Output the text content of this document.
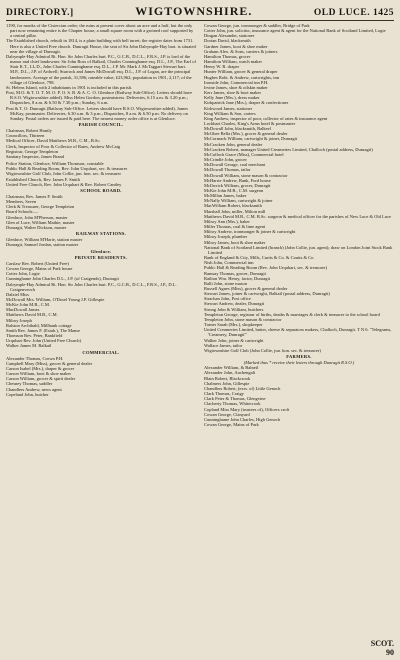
DIRECTORY.]	WIGTOWNSHIRE.	OLD LUCE. 1425

1190, for monks of the Cistercian order; the ruins at present cover about an acre and a half, but the only part now remaining entire is the Chapter house, a small square room with a groined roof supported by a central pillar.

The Established church, rebuilt in 1814, is a plain building with bell turret; the register dates from 1731. Here is also a United Free church. Dunragit House, the seat of Sir John Dalrymple-Hay bart. is situated near the village of Dunragit.

Dalrymple-Hay Admiral Rt. Hon. Sir John Charles bart. P.C., G.C.B., D.C.L., F.R.S., J.P. is lord of the manor and chief landowner. Sir John Ross of Balkail, Charles Cunninghame esq. D.L., J.P., The Earl of Stair K.T., LL.D., John Charles Cunninghame esq. D.L., J.P. Mr. Mark J. McTaggart Stewart bart. M.P., D.L., J.P. of Ardwell; Sturrock and James McDowall esq. D.L., J.P. of Logan, are the principal landowners. Acreage of the parish, 31,586; rateable value, £23,962; population in 1901, 2,117; of the village of Glenluce, 798.

St. Helens Island, with 2 inhabitants in 1901 is included in this parish.

Post, M.O. & T. O. T. M. O. P. O. S. B. & A. C. O. Glenluce (Railway Sub-Office). Letters should have R.S.O. Wigtownshire added). Miss Helen Gordon, postmistress. Deliveries, 6.15 a.m. & 3.20 p.m.; Dispatches, 8 a.m. & 6.50 & 7.30 p.m.; Sunday, 6 a.m.

Post & T. O. Dunragit (Railway Sub-Office. Letters should have R.S.O. Wigtownshire added). James McKay, postmaster. Deliveries, 6.30 a.m. & 3 p.m.; Dispatches, 8 a.m. & 6.50 p.m. No delivery on Sunday. Postal orders are issued & paid here. The nearest money order office is at Glenluce.

PARISH COUNCIL.

Chairman, Robert Huntly

Councillors, Thirteen

Medical Officer, David Matthews M.B., C.M., B.Sc.

Clerk, Inspector of Poor & Collector of Rates, Andrew McCaig

Registrar, George Templeton

Sanitary Inspector, James Brand

Police Station, Glenluce, William Thomson, constable

Public Hall & Reading Room, Rev. John Urquhart, sec. & treasurer

Wigtownshire Golf Club, John Collie, jun. hon. sec. & treasurer

Established Church, Rev. James F. Smith

United Free Church, Rev. John Urquhart & Rev. Robert Cantley

SCHOOL BOARD.

Chairman, Rev. James F. Smith

Members, Seven

Clerk & Treasurer, George Templeton

Board Schools:—

Glenluce, John M'Pherson, master

Glen of Luce, William Mathie, master

Dunragit, Walter Dickson, master

RAILWAY STATIONS.

Glenluce, William M'Harie, station master

Dunragit, Samuel Jordan, station master

Glenluce.

PRIVATE RESIDENTS.

Carslaw Rev. Robert (United Free)

Cowan George, Mains of Park house

Cotter John, Logie

Cunninghame John Charles D.L., J.P. (of Craigends), Dunragit

Dalrymple-Hay Admiral Rt. Hon. Sir John Charles bart. P.C., G.C.B., D.C.L., F.R.S., J.P., D.L. Craigenveoch

Dalziel Miss

McDowall Mrs. William, O'Dosel Young J.P. Gillespie

McKie John M.B., C.M.

MacDowall James

Matthews David M.B., C.M.

Milroy Joseph

Ralston Archibald, Millbank cottage

Smith Rev. James F. (Estab.), The Manse

Thomson Rev. Peter, Bankfield

Urquhart Rev. John (United Free Church)

Walker James M. Balkail

COMMERCIAL.

Alexander Thomas, Crown P.H.

Campbell Mary (Miss), grocer & general dealer

Carson Isabel (Mrs.), draper & grocer

Carson William, boot & shoe maker

Carson William, grocer & spirit dealer

Chesney Thomas, saddler

Chandlers Andrew, news agent

Copeland John, butcher

Cowan George, jun. ironmonger & saddler, Bridge of Park

Cotter John, jun. solicitor, insurance agent & agent for the National Bank of Scotland Limited, Logie

Dingan Alexander, stationer

Dorian David, blacksmith

Gardner James, boot & shoe maker

Graham Alex. & Sons, carriers & joiners

Hamilton Thomas, grocer

Hamilton William, watch maker

Henry W. R. draper

Hunter William, grocer & general draper

Hughes Robt. & Andrew, cartwrights, inn

Ironside John, Commercial inn P.H.

Irvine James, shoe & oilskin maker

Kerr James, shoe & boot maker

Kelly Jane (Mrs.), dress maker

Kirkpatrick Jane (Mrs.), draper & confectioner

Kirkwood James, stationer

King William & Son, carters

King Andrew, inspector of poor, collector of rates & insurance agent

Lockhart Charles, King's Arms hotel & postmaster

McDowall John, blacksmith, Balkeel

McGhee Bella (Mrs.), grocer & general dealer

McCormack William, cartwright & joiner, Dunragit

McCracken John, general dealer

McCracken Robert, manager United Creameries Limited, Challoch (postal address, Dunragit)

McCulloch Grace (Miss), Commercial hotel

McCrindle John, grocer

McDowall George, coal merchant

McDowall Thomas, tailor

McDowall William, stone mason & contractor

McHarrie Andrew, Bank, Ford house

McIlwrick William, grocer, Dunragit

McKie John M.B., C.M. surgeon

McMillan James, baker

McNally William, cartwright & joiner

MacWilliam Robert, blacksmith

Marshall John, miller, Milton mill

Matthews David M.B., C.M. B.Sc. surgeon & medical officer for the parishes of New Luce & Old Luce

Milroy Ann (Mrs.), baker

Miller Thomas, coal & lime agent

Milroy Andrew, ironmonger & joiner & cartwright

Milroy Joseph, plumber

Milroy James, boot & shoe maker

National Bank of Scotland Limited (branch) (John Collie, jun. agent); draw on London Joint Stock Bank Limited

Bank of England & City, Mills, Curtis & Co. & Coutts & Co.

Nish John, Commercial inn

Public Hall & Reading Room (Rev. John Urquhart, sec. & treasurer)

Ramsay Thomas, grocer, Dunragit

Railton Wm. Henry, factor, Dunragit

Ralli John, stone mason

Russell Agnes (Miss), grocer & general dealer

Stewart James, joiner & cartwright, Balkail (postal address, Dunragit)

Strachan John, Post office

Stewart Andrew, dealer, Dunragit

Strong John & William, butchers

Templeton George, registrar of births, deaths & marriages & clerk & treasurer to the school board

Templeton John, stone mason & contractor

Turner Sarah (Mrs.), shopkeeper

United Creameries Limited, butter, cheese & separators makers, Challoch, Dunragit. T N 6. "Telegrams, 'Creamery, Dunragit'"

Walker John, joiner & cartwright

Wallace James, tailor

Wigtownshire Golf Club (John Collie, jun. hon. sec. & treasurer)

FARMERS.

(Marked thus * receive their letters through Dunragit R.S.O.)

Alexander William, & Balneil

Alexander John, Auchengalt

Blain Robert, Blackcrook

Chalmers John, Gillespie

Chandlers Robert, (exrs. of) Little Genoch

Clark Thomas, Craigy

Clark Peter & Thomas, Glengvine

Clacherty Thomas, Whitecrook

Copland Miss Mary (trustees of), Officers croft

Cowan George, Clanyard

Cunninghame John Charles, High Genoch

Cowan George, Mains of Park

SCOT.
90
